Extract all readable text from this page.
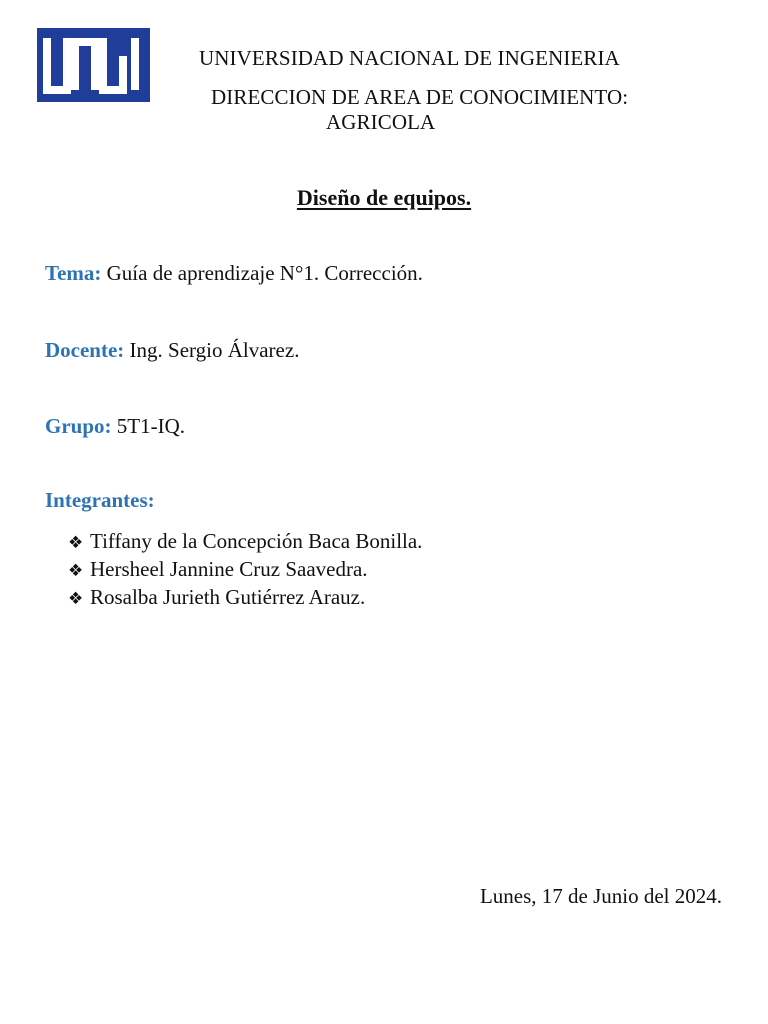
UNIVERSIDAD NACIONAL DE INGENIERIA
DIRECCION DE AREA DE CONOCIMIENTO:
AGRICOLA
Diseño de equipos.
Tema: Guía de aprendizaje N°1. Corrección.
Docente: Ing. Sergio Álvarez.
Grupo: 5T1-IQ.
Integrantes:
❖ Tiffany de la Concepción Baca Bonilla.
❖ Hersheel Jannine Cruz Saavedra.
❖ Rosalba Jurieth Gutiérrez Arauz.
Lunes, 17 de Junio del 2024.
